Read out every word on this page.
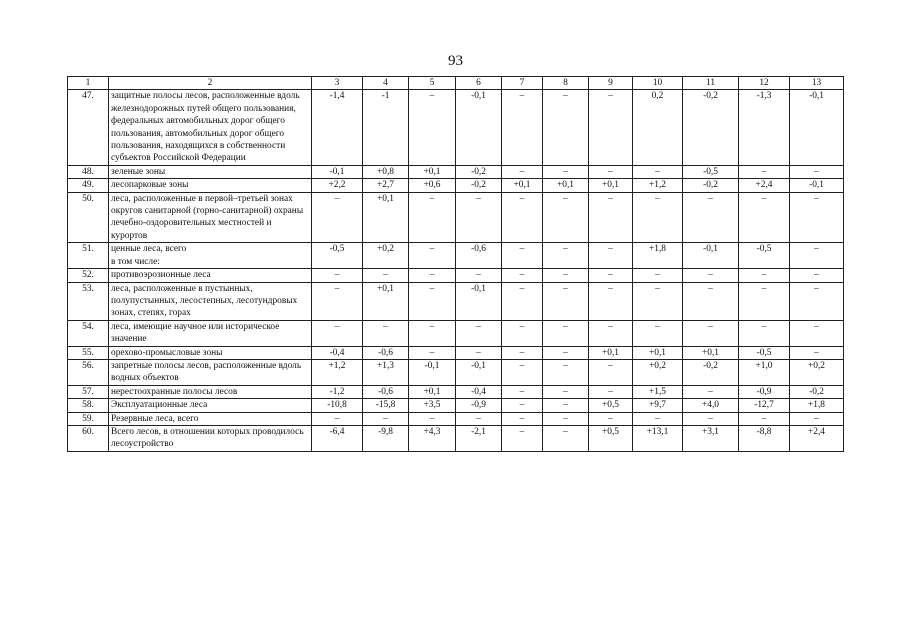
93
1	2	3	4	5	6	7	8	9	10	11	12	13
47.	защитные полосы лесов, расположенные вдоль железнодорожных путей общего пользования, федеральных автомобильных дорог общего пользования, автомобильных дорог общего пользования, находящихся в собственности субъектов Российской Федерации	-1,4	-1	–	-0,1	–	–	–	0,2	-0,2	-1,3	-0,1
48.	зеленые зоны	-0,1	+0,8	+0,1	-0,2	–	–	–	–	-0,5	–	–
49.	лесопарковые зоны	+2,2	+2,7	+0,6	-0,2	+0,1	+0,1	+0,1	+1,2	-0,2	+2,4	-0,1
50.	леса, расположенные в первой–третьей зонах округов санитарной (горно-санитарной) охраны лечебно-оздоровительных местностей и курортов	–	+0,1	–	–	–	–	–	–	–	–	–
51.	ценные леса, всего
в том числе:	-0,5	+0,2	–	-0,6	–	–	–	+1,8	-0,1	-0,5	–
52.	противоэрозионные леса	–	–	–	–	–	–	–	–	–	–	–
53.	леса, расположенные в пустынных, полупустынных, лесостепных, лесотундровых зонах, степях, горах	–	+0,1	–	-0,1	–	–	–	–	–	–	–
54.	леса, имеющие научное или историческое значение	–	–	–	–	–	–	–	–	–	–	–
55.	орехово-промысловые зоны	-0,4	-0,6	–	–	–	–	+0,1	+0,1	+0,1	-0,5	–
56.	запретные полосы лесов, расположенные вдоль водных объектов	+1,2	+1,3	-0,1	-0,1	–	–	–	+0,2	-0,2	+1,0	+0,2
57.	нерестоохранные полосы лесов	-1,2	-0,6	+0,1	-0,4	–	–	–	+1,5	–	-0,9	-0,2
58.	Эксплуатационные леса	-10,8	-15,8	+3,5	-0,9	–	–	+0,5	+9,7	+4,0	-12,7	+1,8
59.	Резервные леса, всего	–	–	–	–	–	–	–	–	–	–	–
60.	Всего лесов, в отношении которых проводилось лесоустройство	-6,4	-9,8	+4,3	-2,1	–	–	+0,5	+13,1	+3,1	-8,8	+2,4
